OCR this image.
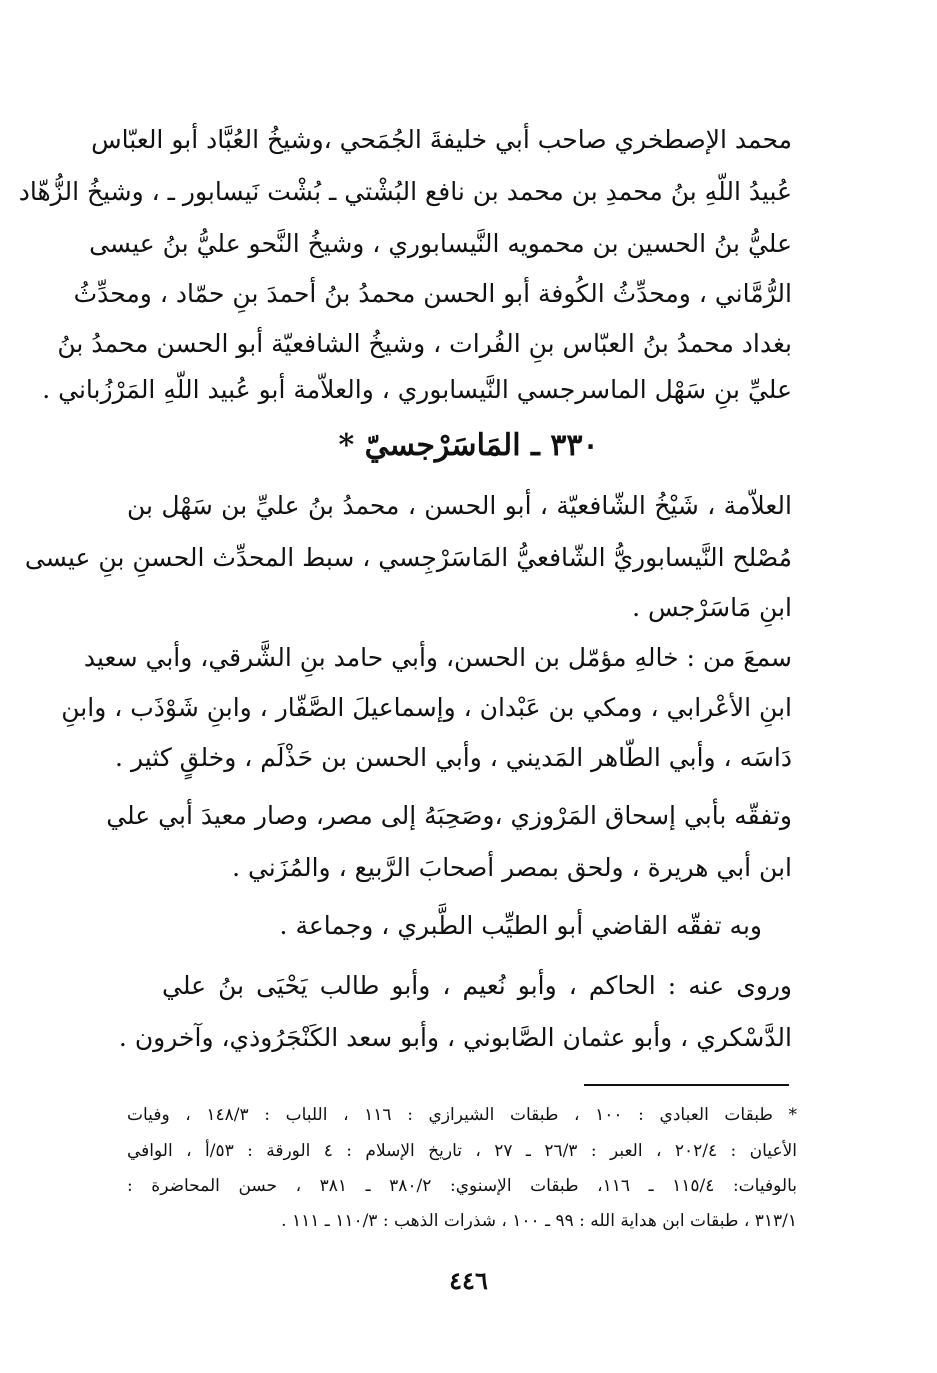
محمد الإصطخري صاحب أبي خليفةَ الجُمَحي ،وشيخُ العُبَّاد أبو العبّاس
عُبيدُ اللّهِ بنُ محمدِ بن محمد بن نافع البُشْتي ـ بُشْت نَيسابور ـ ، وشيخُ الزُّهّاد
عليُّ بنُ الحسين بن محمويه النَّيسابوري ، وشيخُ النَّحو عليُّ بنُ عيسى
الرُّمَّاني ، ومحدِّثُ الكُوفة أبو الحسن محمدُ بنُ أحمدَ بنِ حمّاد ، ومحدِّثُ
بغداد محمدُ بنُ العبّاس بنِ الفُرات ، وشيخُ الشافعيّة أبو الحسن محمدُ بنُ
عليِّ بنِ سَهْل الماسرجسي النَّيسابوري ، والعلاّمة أبو عُبيد اللّهِ المَرْزُباني .
٣٣٠ ـ المَاسَرْجسيّ *
العلاّمة ، شَيْخُ الشّافعيّة ، أبو الحسن ، محمدُ بنُ عليِّ بن سَهْل بن
مُصْلح النَّيسابوريُّ الشّافعيُّ المَاسَرْجِسي ، سبط المحدِّث الحسنِ بنِ عيسى
ابنِ مَاسَرْجس .
سمعَ من : خالهِ مؤمّل بن الحسن، وأبي حامد بنِ الشَّرقي، وأبي سعيد
ابنِ الأعْرابي ، ومكي بن عَبْدان ، وإسماعيلَ الصَّفّار ، وابنِ شَوْذَب ، وابنِ
دَاسَه ، وأبي الطّاهر المَديني ، وأبي الحسن بن حَذْلَم ، وخلقٍ كثير .
وتفقّه بأبي إسحاق المَرْوزي ،وصَحِبَهُ إلى مصر، وصار معيدَ أبي علي
ابن أبي هريرة ، ولحق بمصر أصحابَ الرَّبيع ، والمُزَني .
وبه تفقّه القاضي أبو الطيِّب الطَّبري ، وجماعة .
وروى عنه : الحاكم ، وأبو نُعيم ، وأبو طالب يَحْيَى بنُ علي
الدَّسْكري ، وأبو عثمان الصَّابوني ، وأبو سعد الكَنْجَرُوذي، وآخرون .
* طبقات العبادي : ١٠٠ ، طبقات الشيرازي : ١١٦ ، اللباب : ١٤٨/٣ ، وفيات
الأعيان : ٢٠٢/٤ ، العبر : ٢٦/٣ ـ ٢٧ ، تاريخ الإسلام : ٤ الورقة : ٥٣/أ ، الوافي
بالوفيات: ١١٥/٤ ـ ١١٦، طبقات الإسنوي: ٣٨٠/٢ ـ ٣٨١ ، حسن المحاضرة :
٣١٣/١ ، طبقات ابن هداية الله : ٩٩ ـ ١٠٠ ، شذرات الذهب : ١١٠/٣ ـ ١١١ .
٤٤٦
